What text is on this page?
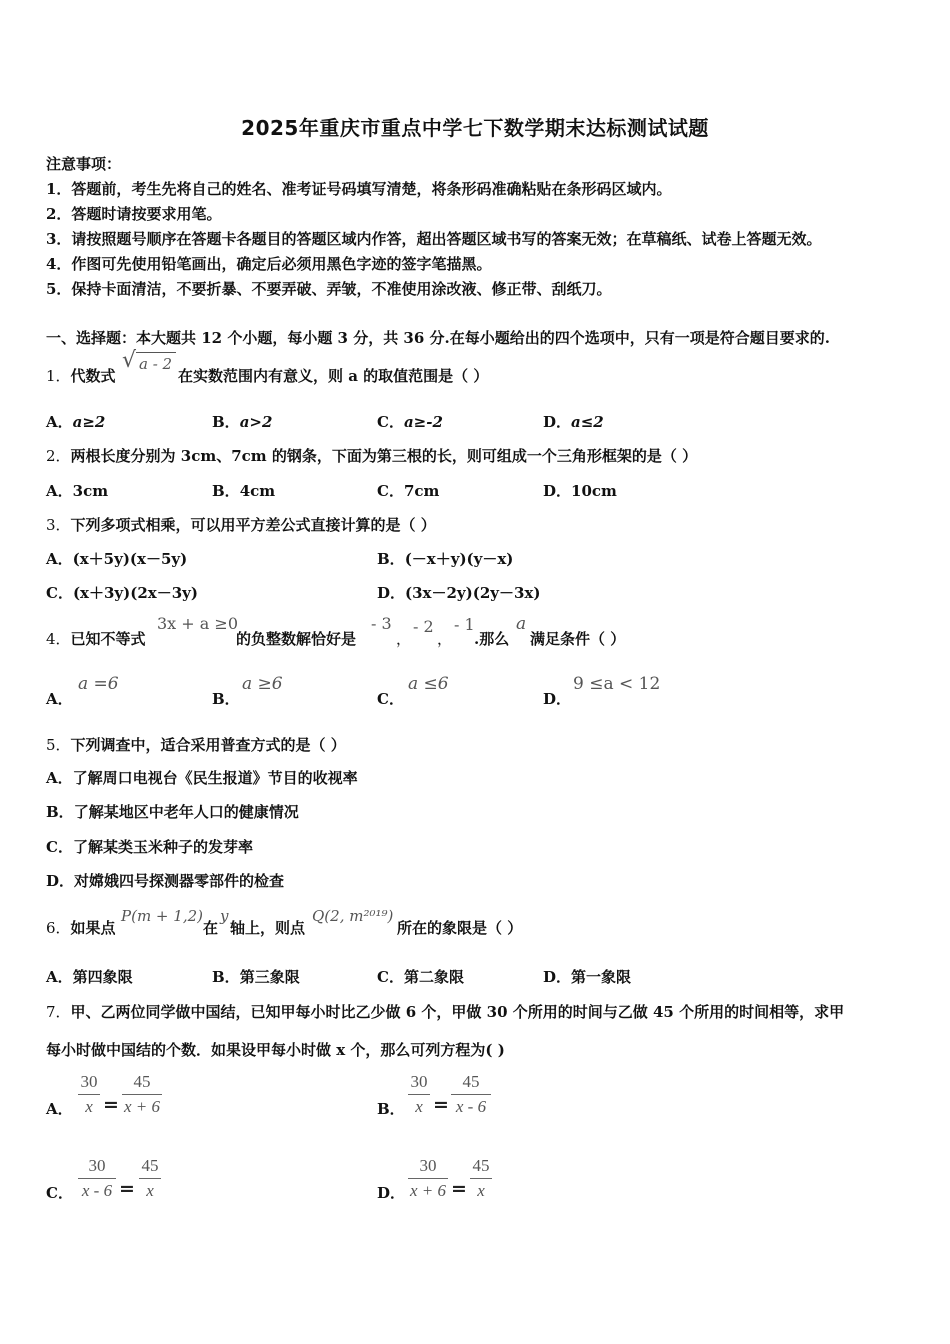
2025年重庆市重点中学七下数学期末达标测试试题
注意事项：
1．答题前，考生先将自己的姓名、准考证号码填写清楚，将条形码准确粘贴在条形码区域内。
2．答题时请按要求用笔。
3．请按照题号顺序在答题卡各题目的答题区域内作答，超出答题区域书写的答案无效；在草稿纸、试卷上答题无效。
4．作图可先使用铅笔画出，确定后必须用黑色字迹的签字笔描黑。
5．保持卡面清洁，不要折暴、不要弄破、弄皱，不准使用涂改液、修正带、刮纸刀。
一、选择题：本大题共 12 个小题，每小题 3 分，共 36 分.在每小题给出的四个选项中，只有一项是符合题目要求的.
1．代数式
√ a - 2
在实数范围内有意义，则 a 的取值范围是（ ）
A．a≥2	B．a>2	C．a≥-2	D．a≤2
2．两根长度分别为 3cm、7cm 的钢条，下面为第三根的长，则可组成一个三角形框架的是（ ）
A．3cm	B．4cm	C．7cm	D．10cm
3．下列多项式相乘，可以用平方差公式直接计算的是（ ）
A．(x＋5y)(x－5y)	B．(－x＋y)(y－x)
C．(x＋3y)(2x－3y)	D．(3x－2y)(2y－3x)
4．已知不等式
3x + a ≥0
的负整数解恰好是
- 3
，
- 2
，
- 1
.那么
a
满足条件（ ）
A．
a =6
B．
a ≥6
C．
a ≤6
D．
9 ≤a < 12
5．下列调查中，适合采用普查方式的是（ ）
A．了解周口电视台《民生报道》节目的收视率
B．了解某地区中老年人口的健康情况
C．了解某类玉米种子的发芽率
D．对嫦娥四号探测器零部件的检查
6．如果点
P(m + 1,2)
在
y
轴上，则点
Q(2, m²⁰¹⁹)
所在的象限是（ ）
A．第四象限	B．第三象限	C．第二象限	D．第一象限
7．甲、乙两位同学做中国结，已知甲每小时比乙少做 6 个，甲做 30 个所用的时间与乙做 45 个所用的时间相等，求甲
每小时做中国结的个数．如果设甲每小时做 x 个，那么可列方程为( )
A． $\frac{30}{x} = \frac{45}{x + 6}$	B． $\frac{30}{x} = \frac{45}{x - 6}$
C． $\frac{30}{x - 6} = \frac{45}{x}$	D． $\frac{30}{x + 6} = \frac{45}{x}$
